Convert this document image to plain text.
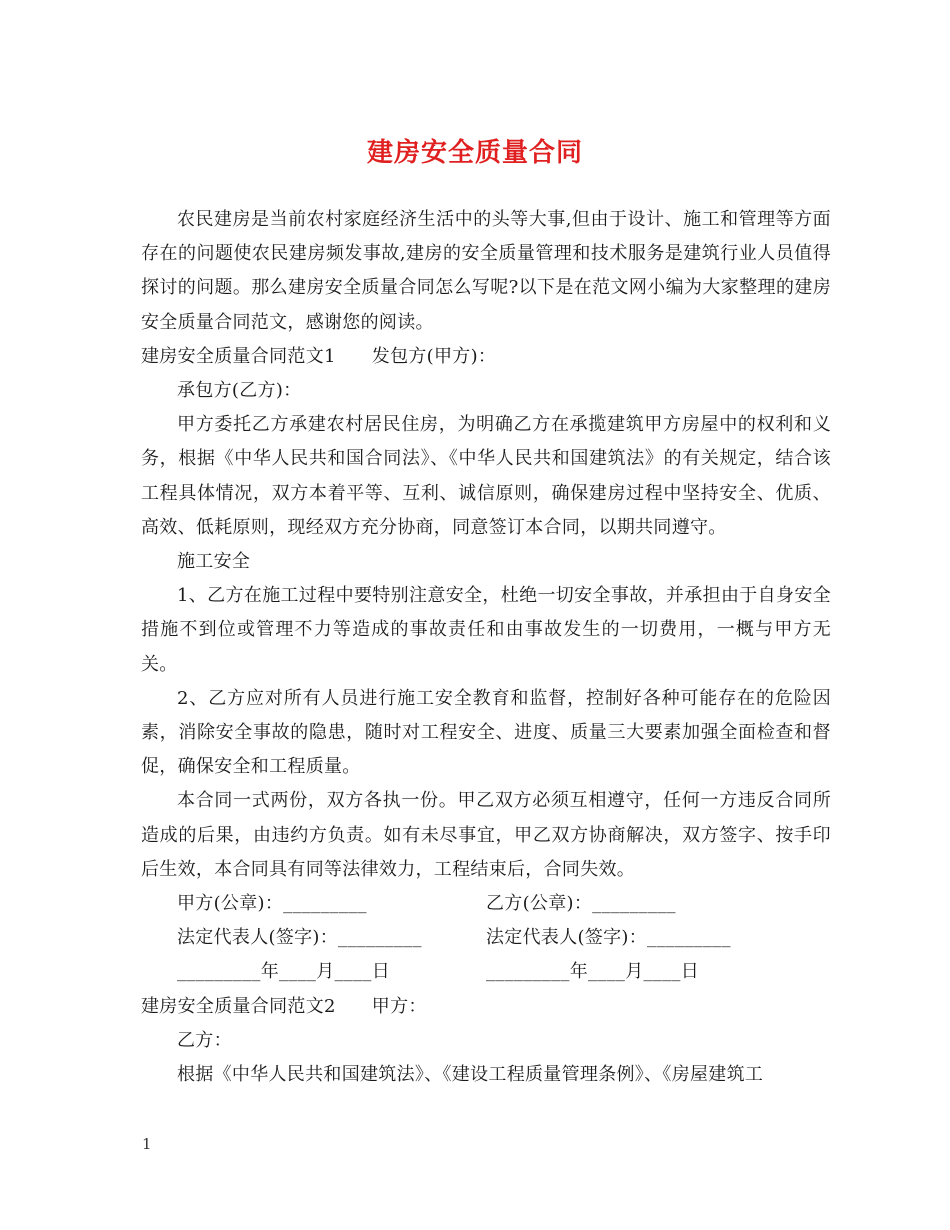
建房安全质量合同

农民建房是当前农村家庭经济生活中的头等大事,但由于设计、施工和管理等方面存在的问题使农民建房频发事故,建房的安全质量管理和技术服务是建筑行业人员值得探讨的问题。那么建房安全质量合同怎么写呢?以下是在范文网小编为大家整理的建房安全质量合同范文，感谢您的阅读。

建房安全质量合同范文1 发包方(甲方)：

承包方(乙方)：

甲方委托乙方承建农村居民住房，为明确乙方在承揽建筑甲方房屋中的权利和义务，根据《中华人民共和国合同法》、《中华人民共和国建筑法》的有关规定，结合该工程具体情况，双方本着平等、互利、诚信原则，确保建房过程中坚持安全、优质、高效、低耗原则，现经双方充分协商，同意签订本合同，以期共同遵守。

施工安全

1、乙方在施工过程中要特别注意安全，杜绝一切安全事故，并承担由于自身安全措施不到位或管理不力等造成的事故责任和由事故发生的一切费用，一概与甲方无关。

2、乙方应对所有人员进行施工安全教育和监督，控制好各种可能存在的危险因素，消除安全事故的隐患，随时对工程安全、进度、质量三大要素加强全面检查和督促，确保安全和工程质量。

本合同一式两份，双方各执一份。甲乙双方必须互相遵守，任何一方违反合同所造成的后果，由违约方负责。如有未尽事宜，甲乙双方协商解决，双方签字、按手印后生效，本合同具有同等法律效力，工程结束后，合同失效。

甲方(公章)：_________	乙方(公章)：_________
法定代表人(签字)：_________	法定代表人(签字)：_________
_________年____月____日	_________年____月____日

建房安全质量合同范文2 甲方：

乙方：

根据《中华人民共和国建筑法》、《建设工程质量管理条例》、《房屋建筑工

1
